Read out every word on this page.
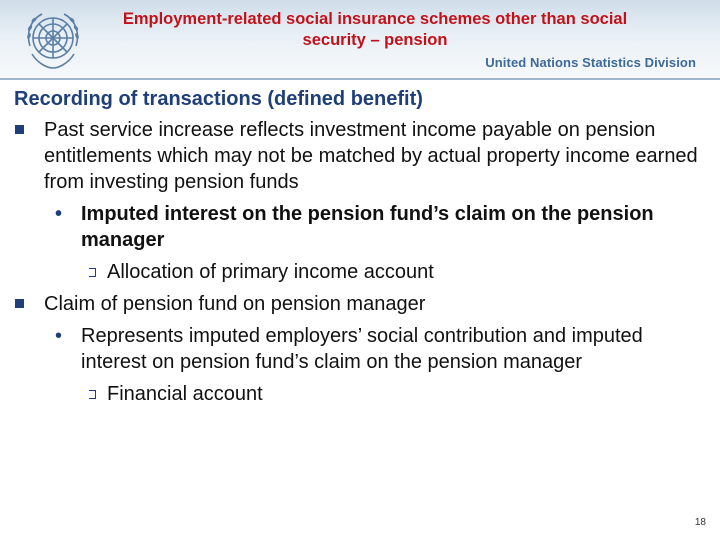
Employment-related social insurance schemes other than social security – pension
United Nations Statistics Division
Recording of transactions (defined benefit)
Past service increase reflects investment income payable on pension entitlements which may not be matched by actual property income earned from investing pension funds
• Imputed interest on the pension fund’s claim on the pension manager
Allocation of primary income account
Claim of pension fund on pension manager
• Represents imputed employers’ social contribution and imputed interest on pension fund’s claim on the pension manager
Financial account
18
